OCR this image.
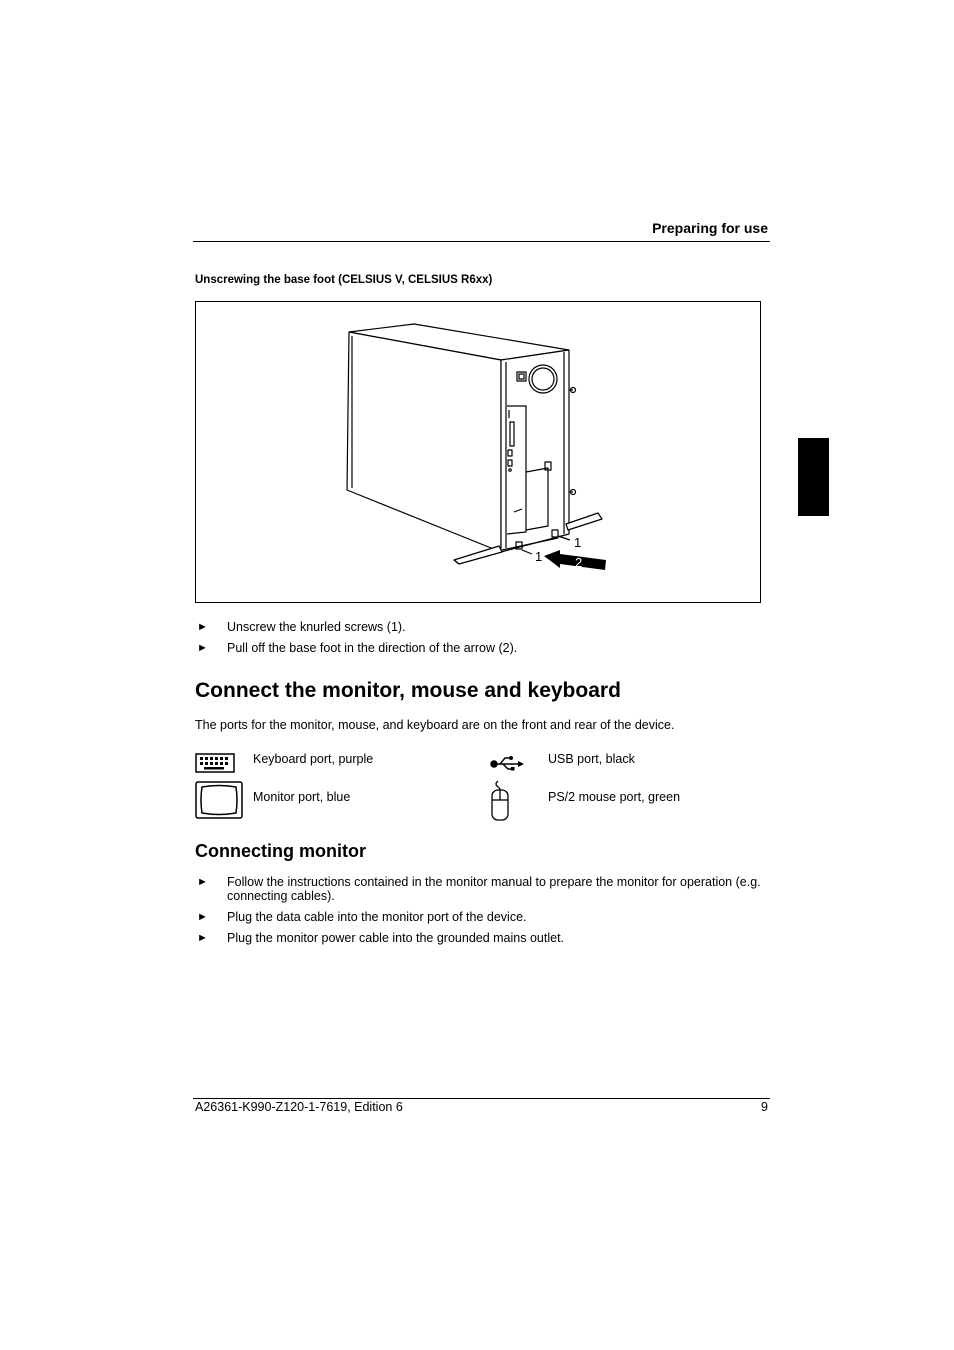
Preparing for use
Unscrewing the base foot (CELSIUS V, CELSIUS R6xx)
1
1
2
► Unscrew the knurled screws (1).
► Pull off the base foot in the direction of the arrow (2).
Connect the monitor, mouse and keyboard
The ports for the monitor, mouse, and keyboard are on the front and rear of the device.
Keyboard port, purple	USB port, black
Monitor port, blue	PS/2 mouse port, green
Connecting monitor
► Follow the instructions contained in the monitor manual to prepare the monitor for operation (e.g. connecting cables).
► Plug the data cable into the monitor port of the device.
► Plug the monitor power cable into the grounded mains outlet.
A26361-K990-Z120-1-7619, Edition 6	9
